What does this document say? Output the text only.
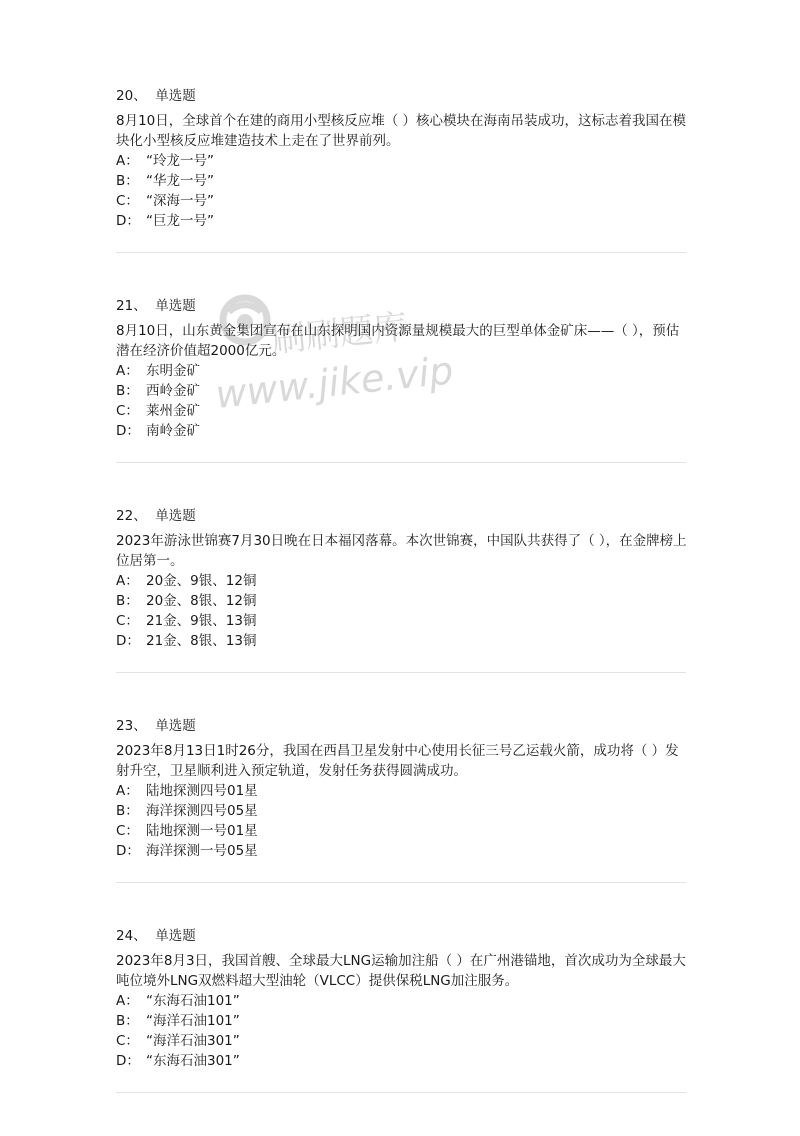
20、 单选题

8月10日，全球首个在建的商用小型核反应堆（ ）核心模块在海南吊装成功，这标志着我国在模块化小型核反应堆建造技术上走在了世界前列。

A： “玲龙一号”
B： “华龙一号”
C： “深海一号”
D： “巨龙一号”
21、 单选题

8月10日，山东黄金集团宣布在山东探明国内资源量规模最大的巨型单体金矿床——（ ），预估潜在经济价值超2000亿元。

A： 东明金矿
B： 西岭金矿
C： 莱州金矿
D： 南岭金矿
22、 单选题

2023年游泳世锦赛7月30日晚在日本福冈落幕。本次世锦赛，中国队共获得了（ ），在金牌榜上位居第一。

A： 20金、9银、12铜
B： 20金、8银、12铜
C： 21金、9银、13铜
D： 21金、8银、13铜
23、 单选题

2023年8月13日1时26分，我国在西昌卫星发射中心使用长征三号乙运载火箭，成功将（ ）发射升空，卫星顺利进入预定轨道，发射任务获得圆满成功。

A： 陆地探测四号01星
B： 海洋探测四号05星
C： 陆地探测一号01星
D： 海洋探测一号05星
24、 单选题

2023年8月3日，我国首艘、全球最大LNG运输加注船（ ）在广州港锚地，首次成功为全球最大吨位境外LNG双燃料超大型油轮（VLCC）提供保税LNG加注服务。

A： “东海石油101”
B： “海洋石油101”
C： “海洋石油301”
D： “东海石油301”
刷刷题库
www.jike.vip
